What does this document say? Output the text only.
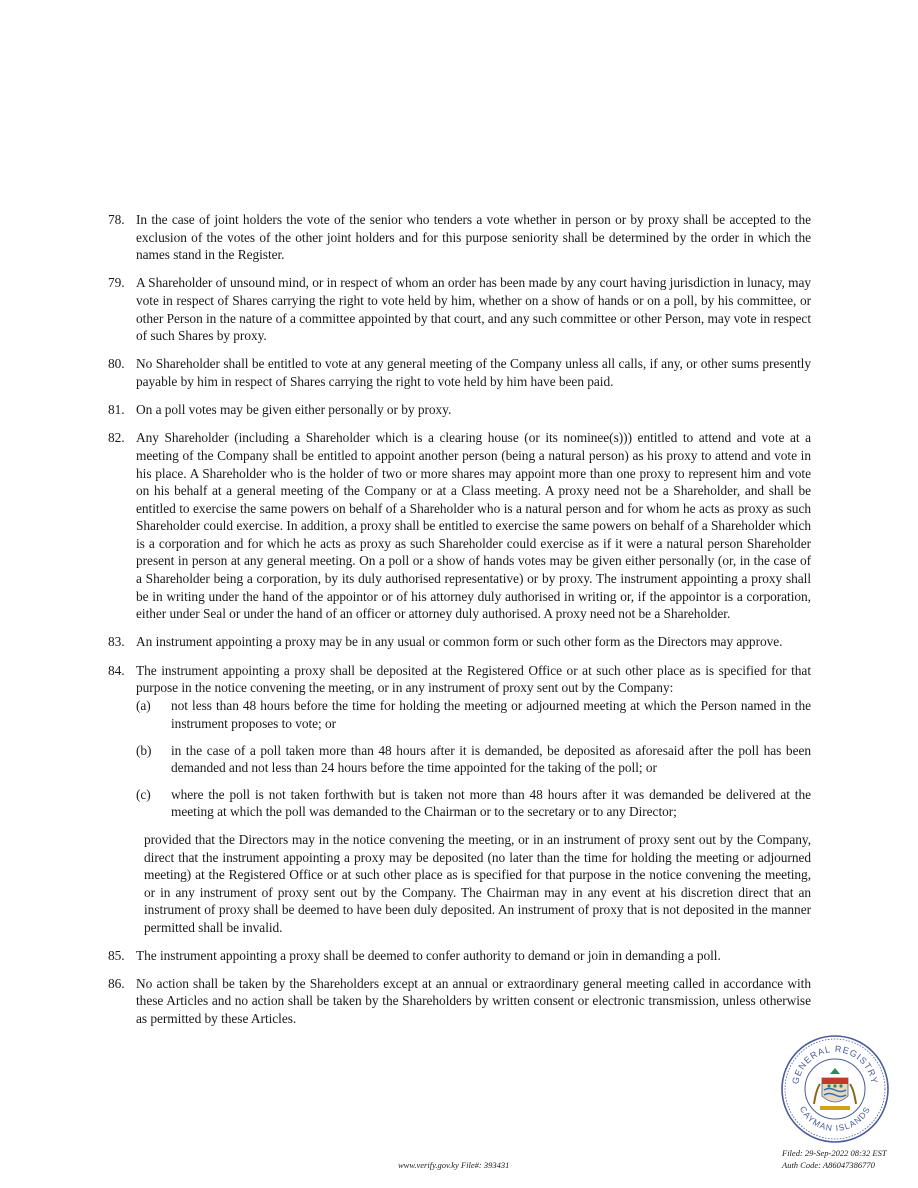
78. In the case of joint holders the vote of the senior who tenders a vote whether in person or by proxy shall be accepted to the exclusion of the votes of the other joint holders and for this purpose seniority shall be determined by the order in which the names stand in the Register.
79. A Shareholder of unsound mind, or in respect of whom an order has been made by any court having jurisdiction in lunacy, may vote in respect of Shares carrying the right to vote held by him, whether on a show of hands or on a poll, by his committee, or other Person in the nature of a committee appointed by that court, and any such committee or other Person, may vote in respect of such Shares by proxy.
80. No Shareholder shall be entitled to vote at any general meeting of the Company unless all calls, if any, or other sums presently payable by him in respect of Shares carrying the right to vote held by him have been paid.
81. On a poll votes may be given either personally or by proxy.
82. Any Shareholder (including a Shareholder which is a clearing house (or its nominee(s))) entitled to attend and vote at a meeting of the Company shall be entitled to appoint another person (being a natural person) as his proxy to attend and vote in his place. A Shareholder who is the holder of two or more shares may appoint more than one proxy to represent him and vote on his behalf at a general meeting of the Company or at a Class meeting. A proxy need not be a Shareholder, and shall be entitled to exercise the same powers on behalf of a Shareholder who is a natural person and for whom he acts as proxy as such Shareholder could exercise. In addition, a proxy shall be entitled to exercise the same powers on behalf of a Shareholder which is a corporation and for which he acts as proxy as such Shareholder could exercise as if it were a natural person Shareholder present in person at any general meeting. On a poll or a show of hands votes may be given either personally (or, in the case of a Shareholder being a corporation, by its duly authorised representative) or by proxy. The instrument appointing a proxy shall be in writing under the hand of the appointor or of his attorney duly authorised in writing or, if the appointor is a corporation, either under Seal or under the hand of an officer or attorney duly authorised. A proxy need not be a Shareholder.
83. An instrument appointing a proxy may be in any usual or common form or such other form as the Directors may approve.
84. The instrument appointing a proxy shall be deposited at the Registered Office or at such other place as is specified for that purpose in the notice convening the meeting, or in any instrument of proxy sent out by the Company:
(a)	not less than 48 hours before the time for holding the meeting or adjourned meeting at which the Person named in the instrument proposes to vote; or
(b)	in the case of a poll taken more than 48 hours after it is demanded, be deposited as aforesaid after the poll has been demanded and not less than 24 hours before the time appointed for the taking of the poll; or
(c)	where the poll is not taken forthwith but is taken not more than 48 hours after it was demanded be delivered at the meeting at which the poll was demanded to the Chairman or to the secretary or to any Director;
provided that the Directors may in the notice convening the meeting, or in an instrument of proxy sent out by the Company, direct that the instrument appointing a proxy may be deposited (no later than the time for holding the meeting or adjourned meeting) at the Registered Office or at such other place as is specified for that purpose in the notice convening the meeting, or in any instrument of proxy sent out by the Company. The Chairman may in any event at his discretion direct that an instrument of proxy shall be deemed to have been duly deposited. An instrument of proxy that is not deposited in the manner permitted shall be invalid.
85. The instrument appointing a proxy shall be deemed to confer authority to demand or join in demanding a poll.
86. No action shall be taken by the Shareholders except at an annual or extraordinary general meeting called in accordance with these Articles and no action shall be taken by the Shareholders by written consent or electronic transmission, unless otherwise as permitted by these Articles.
GENERAL REGISTRY
CAYMAN ISLANDS
www.verify.gov.ky File#: 393431
Filed: 29-Sep-2022 08:32 EST
Auth Code: A86047386770
